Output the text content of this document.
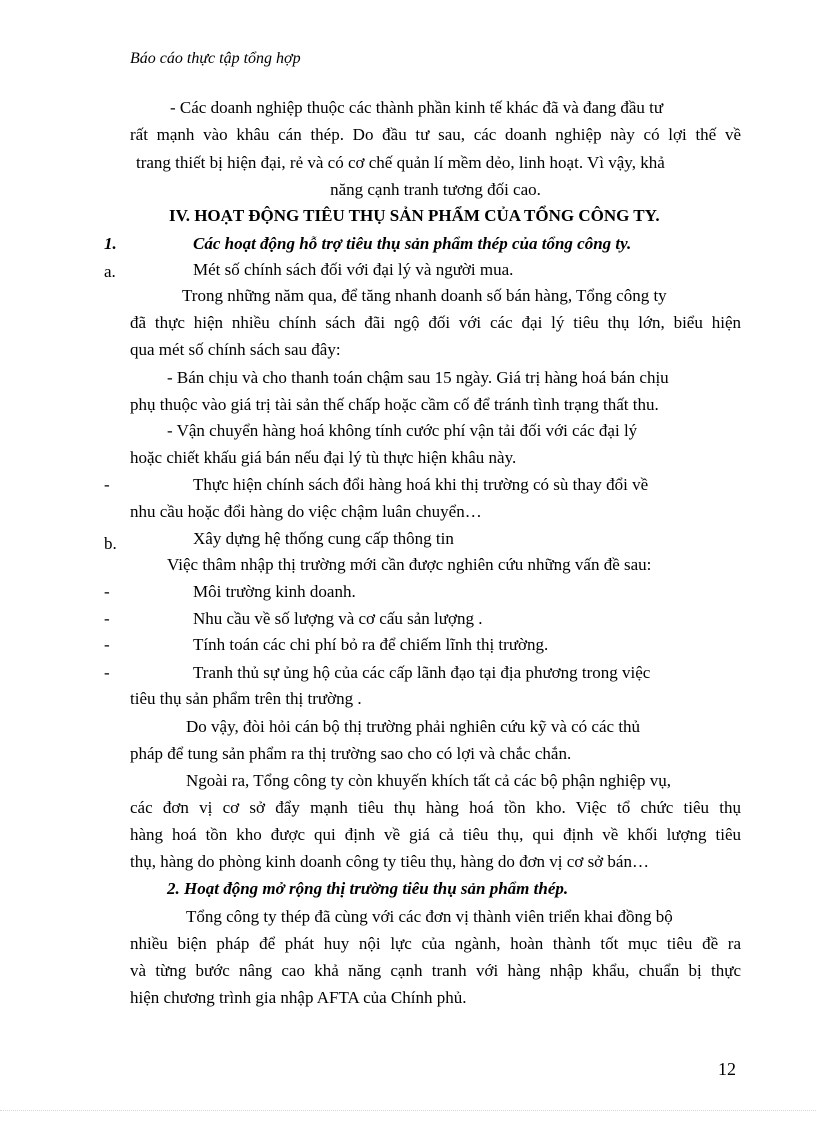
Báo cáo thực tập tổng hợp
- Các doanh nghiệp thuộc các thành phần kinh tế khác đã và đang đầu tư
rất mạnh vào khâu cán thép. Do đầu tư sau, các doanh nghiệp này có lợi thế về
trang thiết bị hiện đại, rẻ và có cơ chế quản lí mềm dẻo, linh hoạt. Vì vậy, khả
năng cạnh tranh tương đối cao.
IV. HOẠT ĐỘNG TIÊU THỤ SẢN PHẨM CỦA TỔNG CÔNG TY.
1.	Các hoạt động hỗ trợ tiêu thụ sản phẩm thép của tổng công ty.
a.	Mét số chính sách đối với đại lý và người mua.
Trong những năm qua, để tăng nhanh doanh số bán hàng, Tổng công ty
đã thực hiện nhiều chính sách đãi ngộ đối với các đại lý tiêu thụ lớn, biểu hiện
qua mét số chính sách sau đây:
- Bán chịu và cho thanh toán chậm sau 15 ngày. Giá trị hàng hoá bán chịu
phụ thuộc vào giá trị tài sản thế chấp hoặc cầm cố để tránh tình trạng thất thu.
- Vận chuyển hàng hoá không tính cước phí vận tải đối với các đại lý
hoặc chiết khấu giá bán nếu đại lý tù thực hiện khâu này.
-	Thực hiện chính sách đổi hàng hoá khi thị trường có sù thay đổi về
nhu cầu hoặc đổi hàng do việc chậm luân chuyển…
b.	Xây dựng hệ thống cung cấp thông tin
Việc thâm nhập thị trường mới cần được nghiên cứu những vấn đề sau:
-	Môi trường kinh doanh.
-	Nhu cầu về số lượng và cơ cấu sản lượng .
-	Tính toán các chi phí bỏ ra để chiếm lĩnh thị trường.
-	Tranh thủ sự ủng hộ của các cấp lãnh đạo tại địa phương trong việc
tiêu thụ sản phẩm trên thị trường .
Do vậy, đòi hỏi cán bộ thị trường phải nghiên cứu kỹ và có các thủ
pháp để tung sản phẩm ra thị trường sao cho có lợi và chắc chắn.
Ngoài ra, Tổng công ty còn khuyến khích tất cả các bộ phận nghiệp vụ,
các đơn vị cơ sở đẩy mạnh tiêu thụ hàng hoá tồn kho. Việc tổ chức tiêu thụ
hàng hoá tồn kho được qui định về giá cả tiêu thụ, qui định về khối lượng tiêu
thụ, hàng do phòng kinh doanh công ty tiêu thụ, hàng do đơn vị cơ sở bán…
2. Hoạt động mở rộng thị trường tiêu thụ sản phẩm thép.
Tổng công ty thép đã cùng với các đơn vị thành viên triển khai đồng bộ
nhiều biện pháp để phát huy nội lực của ngành, hoàn thành tốt mục tiêu đề ra
và từng bước nâng cao khả năng cạnh tranh với hàng nhập khẩu, chuẩn bị thực
hiện chương trình gia nhập AFTA của Chính phủ.
12
